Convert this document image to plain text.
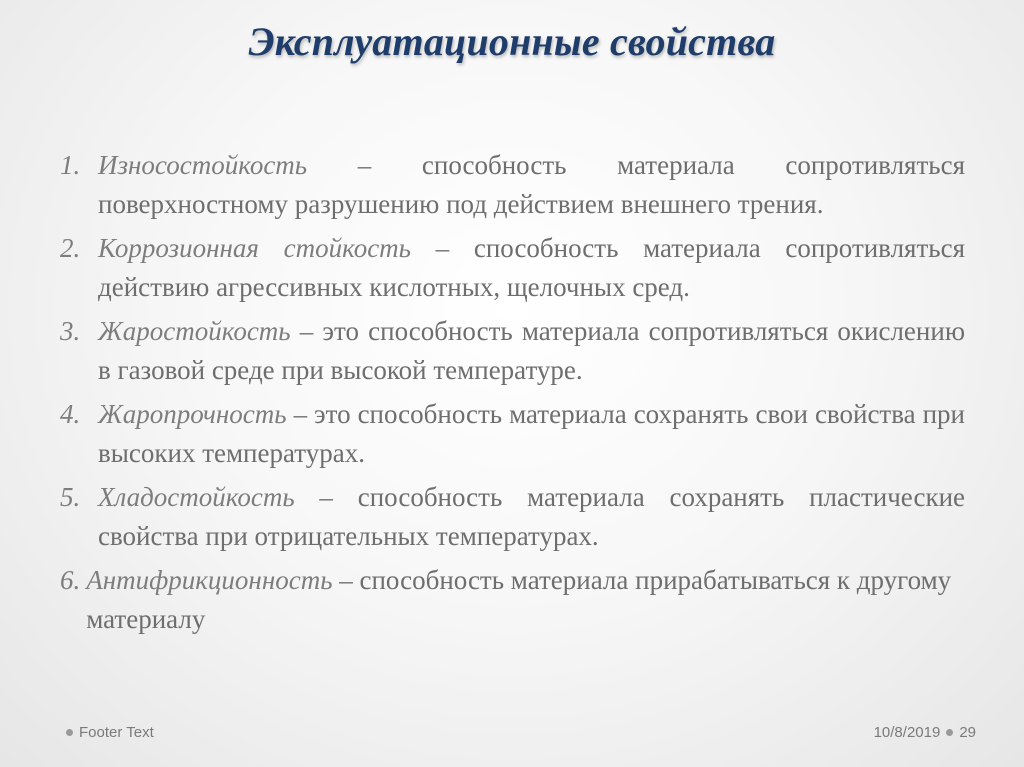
Эксплуатационные свойства
1. Износостойкость – способность материала сопротивляться поверхностному разрушению под действием внешнего трения.
2. Коррозионная стойкость – способность материала сопротивляться действию агрессивных кислотных, щелочных сред.
3. Жаростойкость – это способность материала сопротивляться окислению в газовой среде при высокой температуре.
4. Жаропрочность – это способность материала сохранять свои свойства при высоких температурах.
5. Хладостойкость – способность материала сохранять пластические свойства при отрицательных температурах.
6. Антифрикционность – способность материала прирабатываться к другому материалу
Footer Text	10/8/2019 29
